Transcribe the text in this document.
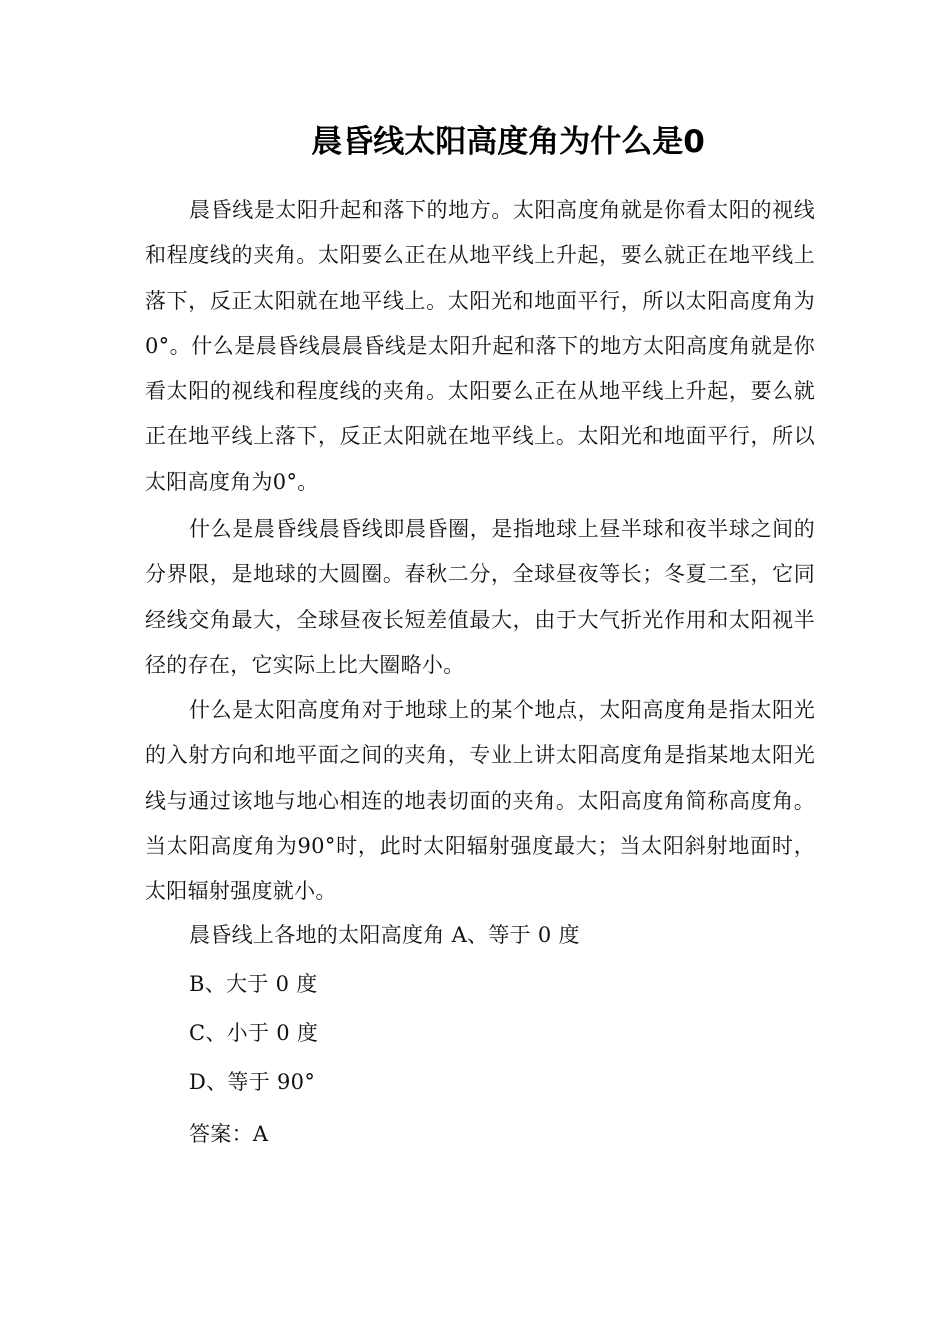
晨昏线太阳高度角为什么是0

晨昏线是太阳升起和落下的地方。太阳高度角就是你看太阳的视线和程度线的夹角。太阳要么正在从地平线上升起，要么就正在地平线上落下，反正太阳就在地平线上。太阳光和地面平行，所以太阳高度角为0°。什么是晨昏线晨晨昏线是太阳升起和落下的地方太阳高度角就是你看太阳的视线和程度线的夹角。太阳要么正在从地平线上升起，要么就正在地平线上落下，反正太阳就在地平线上。太阳光和地面平行，所以太阳高度角为0°。

什么是晨昏线晨昏线即晨昏圈，是指地球上昼半球和夜半球之间的分界限，是地球的大圆圈。春秋二分，全球昼夜等长；冬夏二至，它同经线交角最大，全球昼夜长短差值最大，由于大气折光作用和太阳视半径的存在，它实际上比大圈略小。

什么是太阳高度角对于地球上的某个地点，太阳高度角是指太阳光的入射方向和地平面之间的夹角，专业上讲太阳高度角是指某地太阳光线与通过该地与地心相连的地表切面的夹角。太阳高度角简称高度角。当太阳高度角为90°时，此时太阳辐射强度最大；当太阳斜射地面时，太阳辐射强度就小。

晨昏线上各地的太阳高度角 A、等于 0 度

B、大于 0 度

C、小于 0 度

D、等于 90°

答案：A
